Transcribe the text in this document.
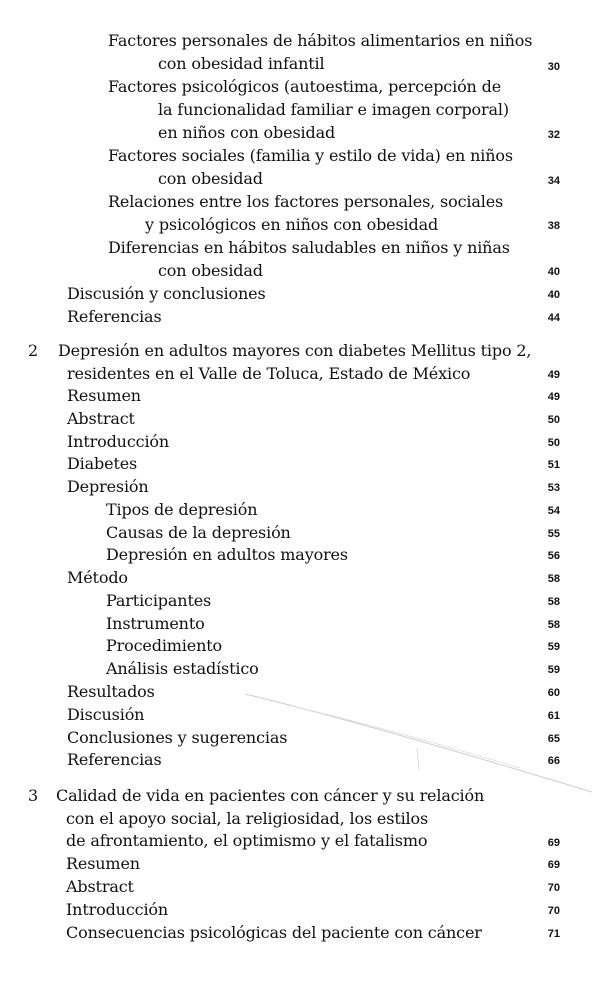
Factores personales de hábitos alimentarios en niños
con obesidad infantil	30
Factores psicológicos (autoestima, percepción de
la funcionalidad familiar e imagen corporal)
en niños con obesidad	32
Factores sociales (familia y estilo de vida) en niños
con obesidad	34
Relaciones entre los factores personales, sociales
y psicológicos en niños con obesidad	38
Diferencias en hábitos saludables en niños y niñas
con obesidad	40
Discusión y conclusiones	40
Referencias	44
2 Depresión en adultos mayores con diabetes Mellitus tipo 2,
residentes en el Valle de Toluca, Estado de México	49
Resumen	49
Abstract	50
Introducción	50
Diabetes	51
Depresión	53
Tipos de depresión	54
Causas de la depresión	55
Depresión en adultos mayores	56
Método	58
Participantes	58
Instrumento	58
Procedimiento	59
Análisis estadístico	59
Resultados	60
Discusión	61
Conclusiones y sugerencias	65
Referencias	66
3 Calidad de vida en pacientes con cáncer y su relación
con el apoyo social, la religiosidad, los estilos
de afrontamiento, el optimismo y el fatalismo	69
Resumen	69
Abstract	70
Introducción	70
Consecuencias psicológicas del paciente con cáncer	71
